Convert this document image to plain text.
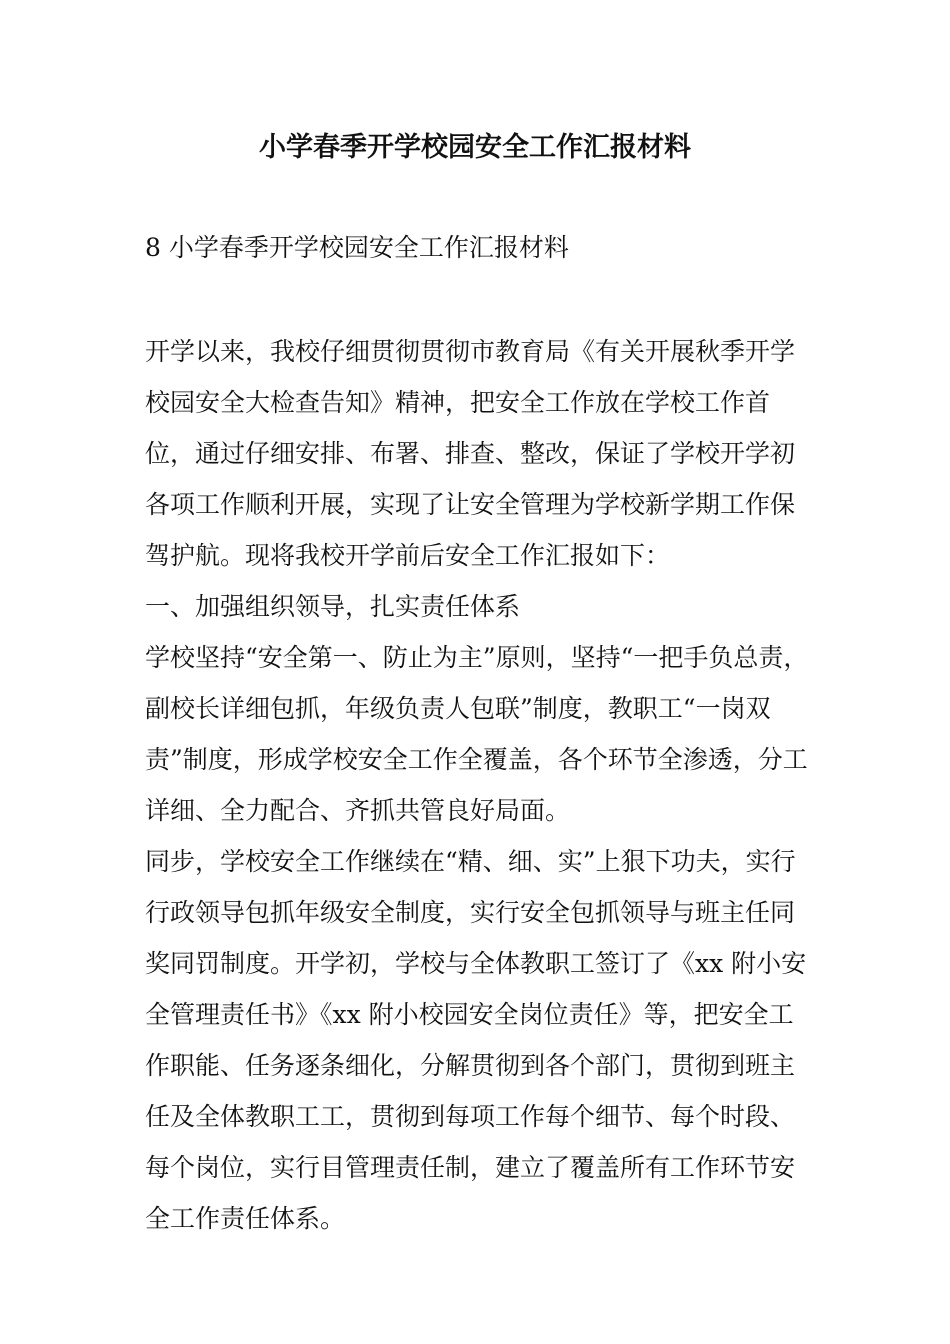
小学春季开学校园安全工作汇报材料
8 小学春季开学校园安全工作汇报材料

开学以来，我校仔细贯彻贯彻市教育局《有关开展秋季开学校园安全大检查告知》精神，把安全工作放在学校工作首位，通过仔细安排、布署、排查、整改，保证了学校开学初各项工作顺利开展，实现了让安全管理为学校新学期工作保驾护航。现将我校开学前后安全工作汇报如下：

一、加强组织领导，扎实责任体系

学校坚持“安全第一、防止为主”原则，坚持“一把手负总责，副校长详细包抓，年级负责人包联”制度，教职工“一岗双责”制度，形成学校安全工作全覆盖，各个环节全渗透，分工详细、全力配合、齐抓共管良好局面。

同步，学校安全工作继续在“精、细、实”上狠下功夫，实行行政领导包抓年级安全制度，实行安全包抓领导与班主任同奖同罚制度。开学初，学校与全体教职工签订了《xx 附小安全管理责任书》《xx 附小校园安全岗位责任》等，把安全工作职能、任务逐条细化，分解贯彻到各个部门，贯彻到班主任及全体教职工工，贯彻到每项工作每个细节、每个时段、每个岗位，实行目管理责任制，建立了覆盖所有工作环节安全工作责任体系。
